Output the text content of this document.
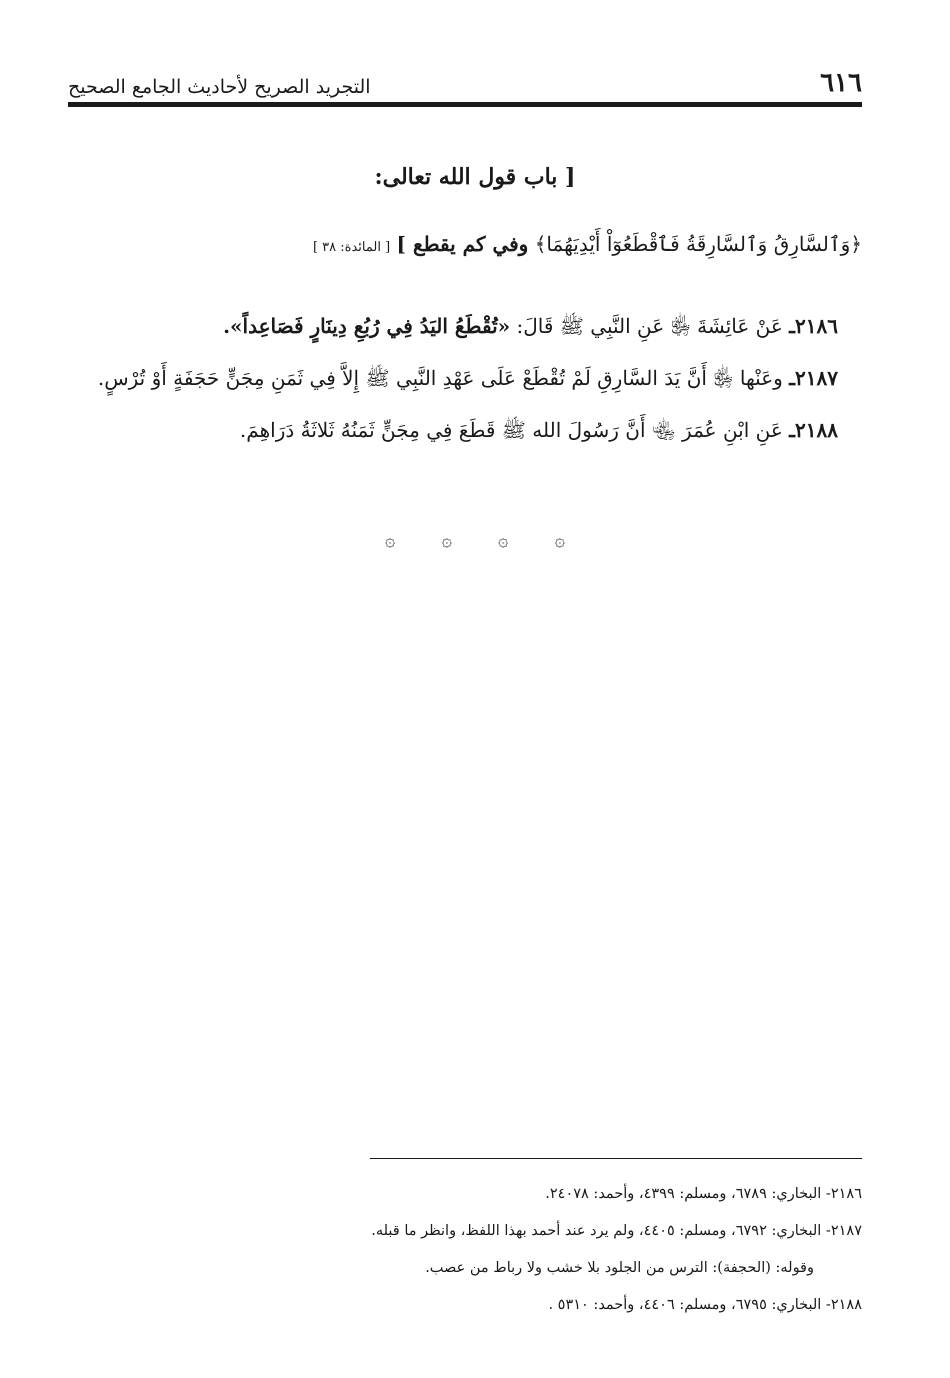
٦١٦
التجريد الصريح لأحاديث الجامع الصحيح
[ باب قول الله تعالى:
﴿وَٱلسَّارِقُ وَٱلسَّارِقَةُ فَٱقْطَعُوٓاْ أَيْدِيَهُمَا﴾ وفي كم يقطع ] [ المائدة: ٣٨ ]
٢١٨٦ـ عَنْ عَائِشَةَ ﵂ عَنِ النَّبِي ﷺ قَالَ: «تُقْطَعُ اليَدُ فِي رُبُعِ دِينَارٍ فَصَاعِداً».
٢١٨٧ـ وعَنْها ﵂ أَنَّ يَدَ السَّارِقِ لَمْ تُقْطَعْ عَلَى عَهْدِ النَّبِي ﷺ إِلاَّ فِي ثَمَنِ مِجَنٍّ حَجَفَةٍ أَوْ تُرْسٍ.
٢١٨٨ـ عَنِ ابْنِ عُمَرَ ﵄ أَنَّ رَسُولَ الله ﷺ قَطَعَ فِي مِجَنٍّ ثَمَنُهُ ثَلاثَةُ دَرَاهِمَ.
۞
۞
۞
۞
٢١٨٦- البخاري: ٦٧٨٩، ومسلم: ٤٣٩٩، وأحمد: ٢٤٠٧٨.
٢١٨٧- البخاري: ٦٧٩٢، ومسلم: ٤٤٠٥، ولم يرد عند أحمد بهذا اللفظ، وانظر ما قبله.
وقوله: (الحجفة): الترس من الجلود بلا خشب ولا رباط من عصب.
٢١٨٨- البخاري: ٦٧٩٥، ومسلم: ٤٤٠٦، وأحمد: ٥٣١٠ .
